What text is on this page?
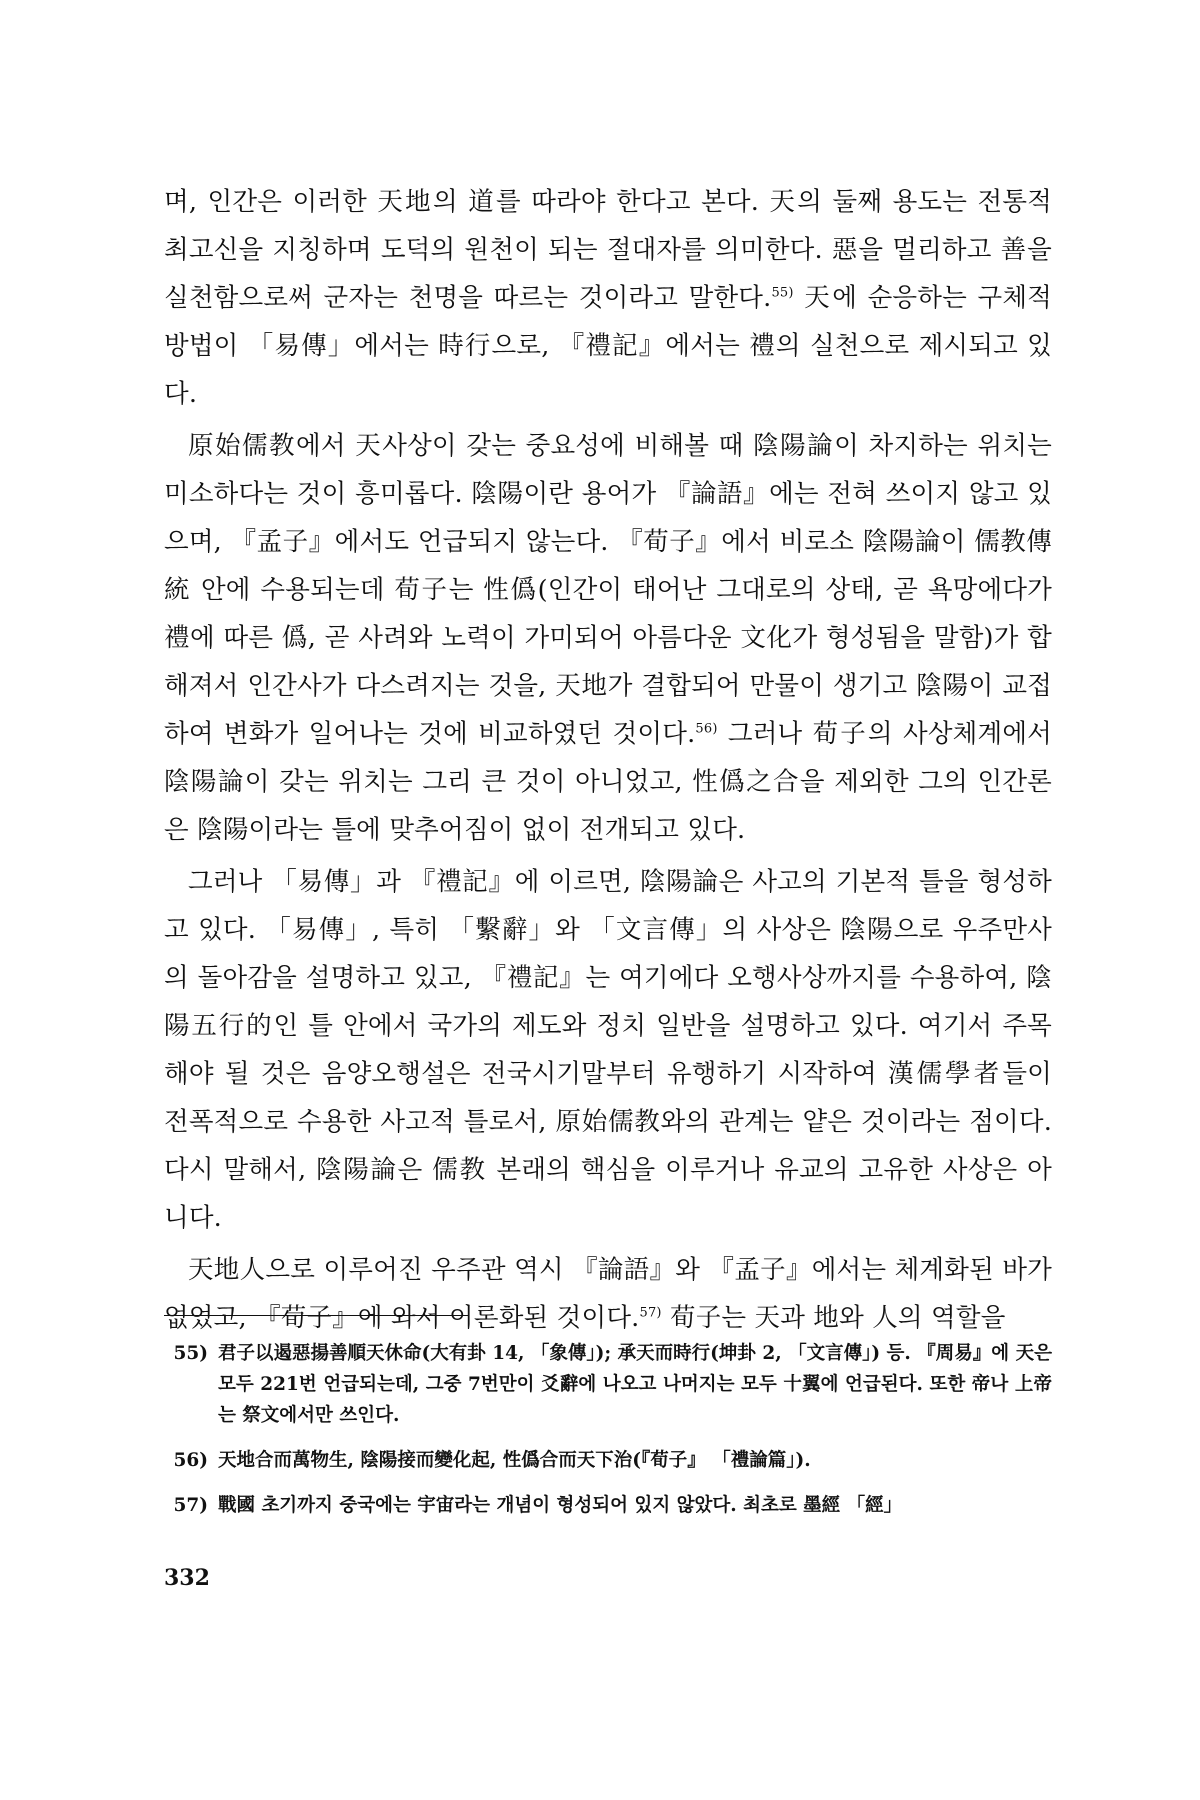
며, 인간은 이러한 天地의 道를 따라야 한다고 본다. 天의 둘째 용도는 전통적 최고신을 지칭하며 도덕의 원천이 되는 절대자를 의미한다. 惡을 멀리하고 善을 실천함으로써 군자는 천명을 따르는 것이라고 말한다.$^{55)}$ 天에 순응하는 구체적 방법이 「易傳」에서는 時行으로, 『禮記』에서는 禮의 실천으로 제시되고 있다.

原始儒教에서 天사상이 갖는 중요성에 비해볼 때 陰陽論이 차지하는 위치는 미소하다는 것이 흥미롭다. 陰陽이란 용어가 『論語』에는 전혀 쓰이지 않고 있으며, 『孟子』에서도 언급되지 않는다. 『荀子』에서 비로소 陰陽論이 儒教傳統 안에 수용되는데 荀子는 性僞(인간이 태어난 그대로의 상태, 곧 욕망에다가 禮에 따른 僞, 곧 사려와 노력이 가미되어 아름다운 文化가 형성됨을 말함)가 합해져서 인간사가 다스려지는 것을, 天地가 결합되어 만물이 생기고 陰陽이 교접하여 변화가 일어나는 것에 비교하였던 것이다.$^{56)}$ 그러나 荀子의 사상체계에서 陰陽論이 갖는 위치는 그리 큰 것이 아니었고, 性僞之合을 제외한 그의 인간론은 陰陽이라는 틀에 맞추어짐이 없이 전개되고 있다.

그러나 「易傳」과 『禮記』에 이르면, 陰陽論은 사고의 기본적 틀을 형성하고 있다. 「易傳」, 특히 「繫辭」와 「文言傳」의 사상은 陰陽으로 우주만사의 돌아감을 설명하고 있고, 『禮記』는 여기에다 오행사상까지를 수용하여, 陰陽五行的인 틀 안에서 국가의 제도와 정치 일반을 설명하고 있다. 여기서 주목해야 될 것은 음양오행설은 전국시기말부터 유행하기 시작하여 漢儒學者들이 전폭적으로 수용한 사고적 틀로서, 原始儒教와의 관계는 얕은 것이라는 점이다. 다시 말해서, 陰陽論은 儒教 본래의 핵심을 이루거나 유교의 고유한 사상은 아니다.

天地人으로 이루어진 우주관 역시 『論語』와 『孟子』에서는 체계화된 바가 없었고, 『荀子』에 와서 이론화된 것이다.$^{57)}$ 荀子는 天과 地와 人의 역할을

55) 君子以遏惡揚善順天休命(大有卦 14, 「象傳」); 承天而時行(坤卦 2, 「文言傳」) 등. 『周易』에 天은 모두 221번 언급되는데, 그중 7번만이 爻辭에 나오고 나머지는 모두 十翼에 언급된다. 또한 帝나 上帝는 祭文에서만 쓰인다.
56) 天地合而萬物生, 陰陽接而變化起, 性僞合而天下治(『荀子』 「禮論篇」).
57) 戰國 초기까지 중국에는 宇宙라는 개념이 형성되어 있지 않았다. 최초로 墨經 「經」
332
